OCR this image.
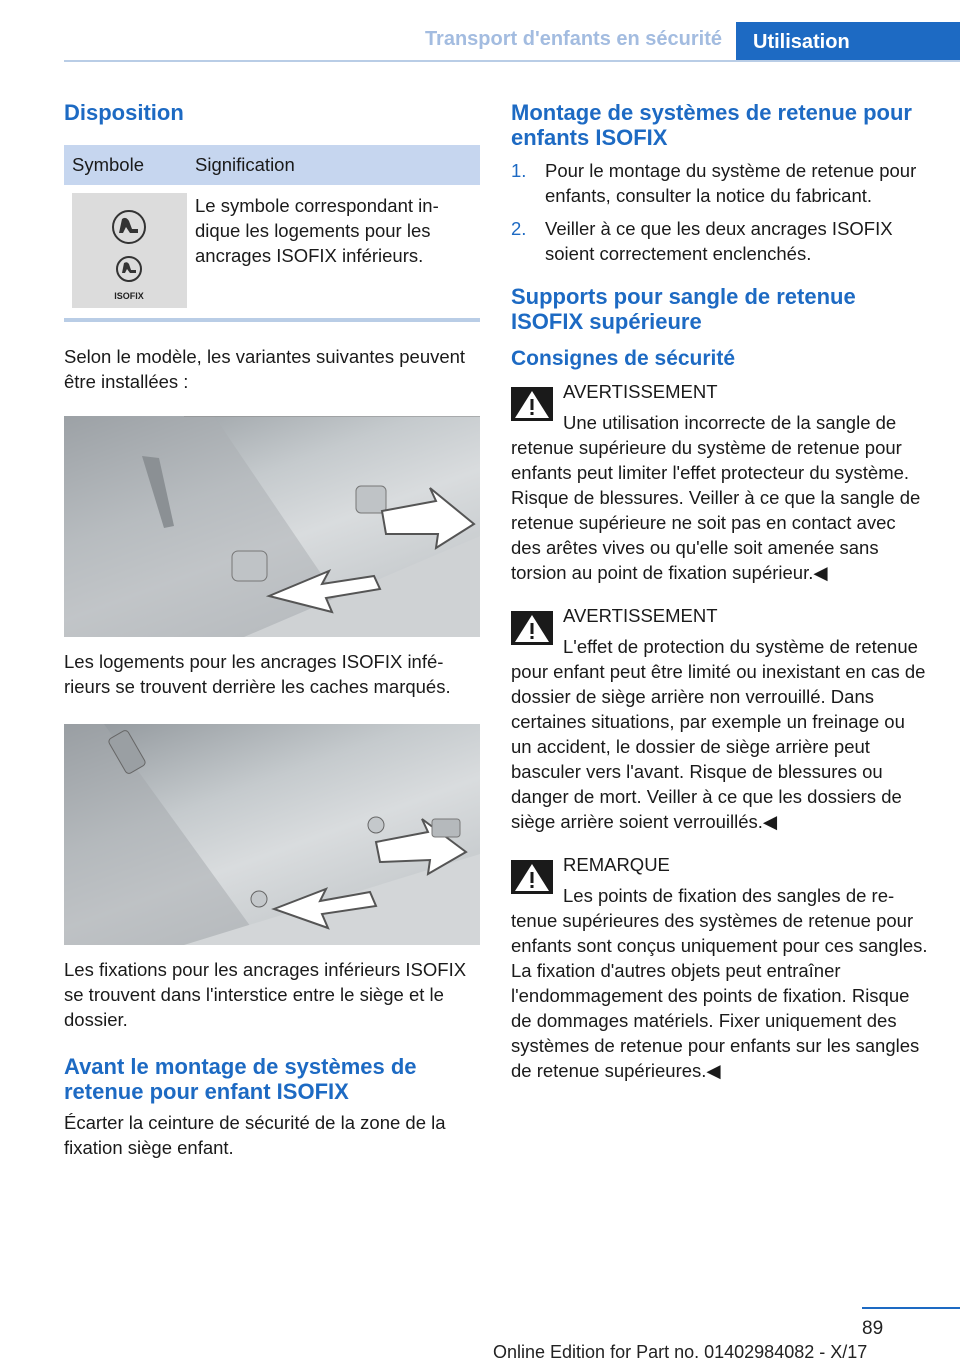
Transport d'enfants en sécurité	Utilisation
Disposition
Symbole	Signification

ISOFIX	Le symbole correspondant indique les logements pour les ancrages ISOFIX inférieurs.

Selon le modèle, les variantes suivantes peuvent être installées :

Les logements pour les ancrages ISOFIX inférieurs se trouvent derrière les caches marqués.

Les fixations pour les ancrages inférieurs ISOFIX se trouvent dans l'interstice entre le siège et le dossier.

Avant le montage de systèmes de retenue pour enfant ISOFIX

Écarter la ceinture de sécurité de la zone de la fixation siège enfant.

Montage de systèmes de retenue pour enfants ISOFIX
1. Pour le montage du système de retenue pour enfants, consulter la notice du fabricant.
2. Veiller à ce que les deux ancrages ISOFIX soient correctement enclenchés.
Supports pour sangle de retenue ISOFIX supérieure
Consignes de sécurité
AVERTISSEMENT
Une utilisation incorrecte de la sangle de retenue supérieure du système de retenue pour enfants peut limiter l'effet protecteur du système. Risque de blessures. Veiller à ce que la sangle de retenue supérieure ne soit pas en contact avec des arêtes vives ou qu'elle soit amenée sans torsion au point de fixation supérieur.◀
AVERTISSEMENT
L'effet de protection du système de retenue pour enfant peut être limité ou inexistant en cas de dossier de siège arrière non verrouillé. Dans certaines situations, par exemple un freinage ou un accident, le dossier de siège arrière peut basculer vers l'avant. Risque de blessures ou danger de mort. Veiller à ce que les dossiers de siège arrière soient verrouillés.◀
REMARQUE
Les points de fixation des sangles de retenue supérieures des systèmes de retenue pour enfants sont conçus uniquement pour ces sangles. La fixation d'autres objets peut entraîner l'endommagement des points de fixation. Risque de dommages matériels. Fixer uniquement des systèmes de retenue pour enfants sur les sangles de retenue supérieures.◀
89
Online Edition for Part no. 01402984082 - X/17
